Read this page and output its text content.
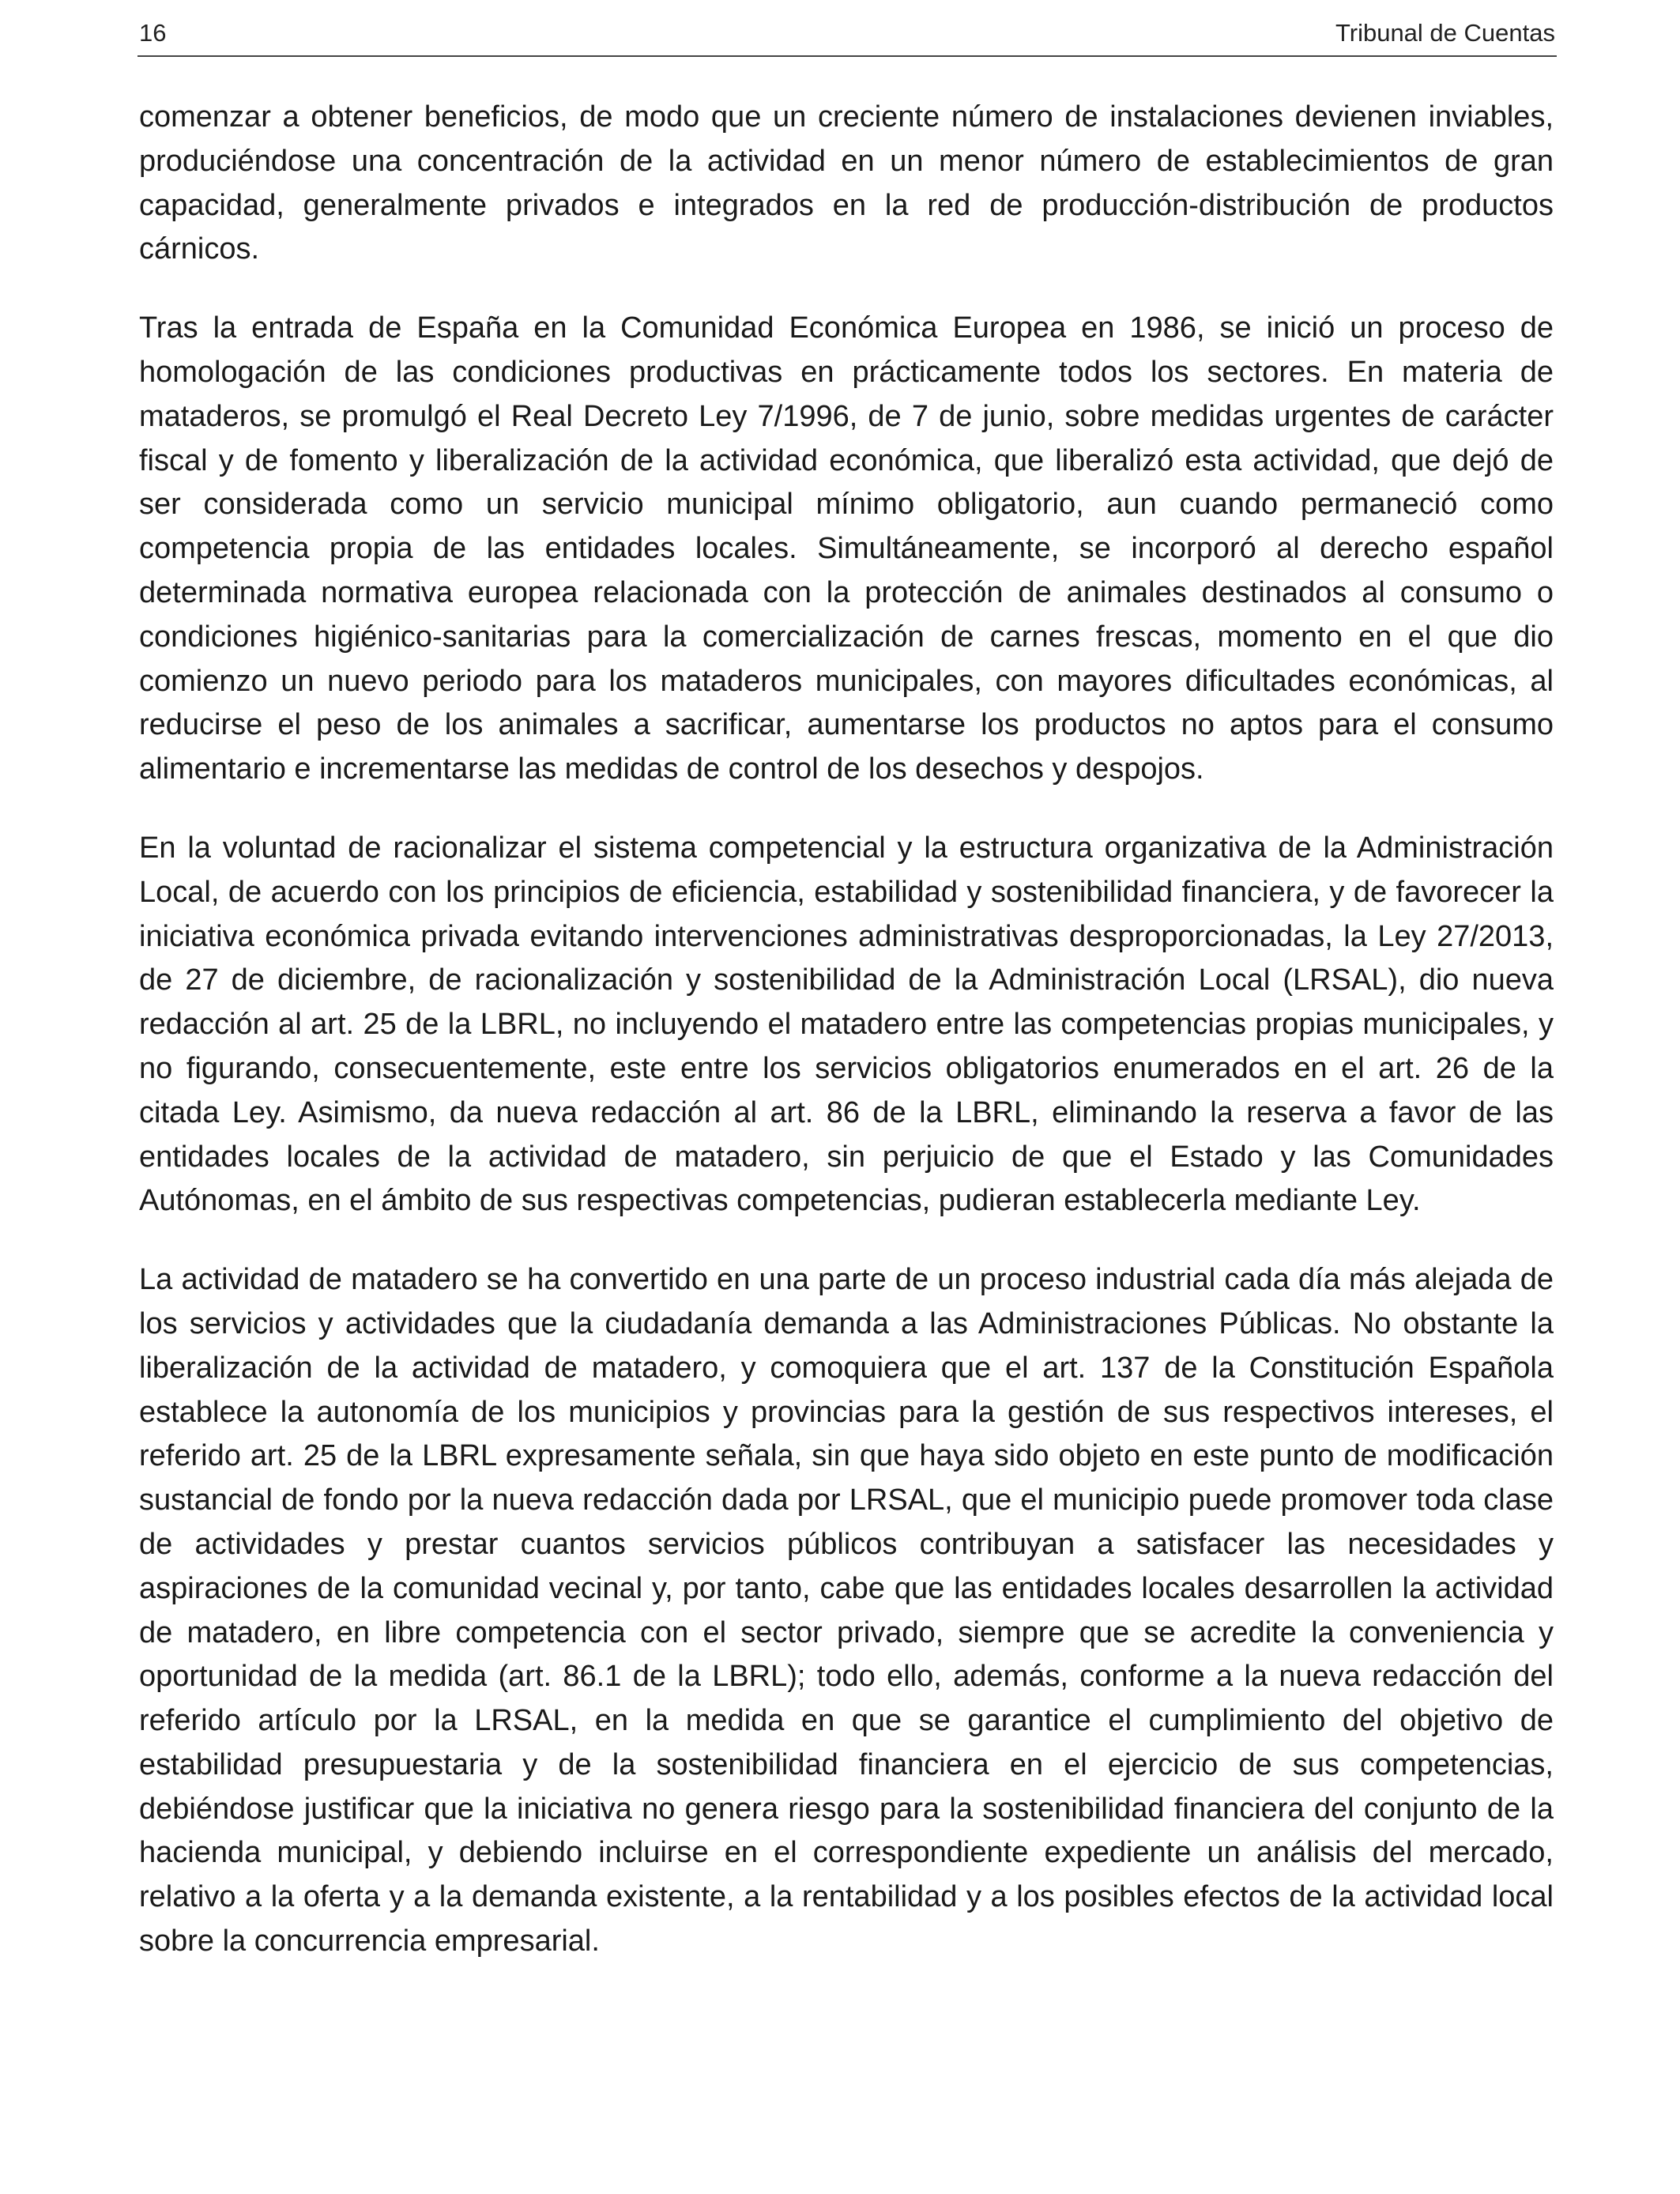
16	Tribunal de Cuentas

comenzar a obtener beneficios, de modo que un creciente número de instalaciones devienen inviables, produciéndose una concentración de la actividad en un menor número de establecimientos de gran capacidad, generalmente privados e integrados en la red de producción-distribución de productos cárnicos.

Tras la entrada de España en la Comunidad Económica Europea en 1986, se inició un proceso de homologación de las condiciones productivas en prácticamente todos los sectores. En materia de mataderos, se promulgó el Real Decreto Ley 7/1996, de 7 de junio, sobre medidas urgentes de carácter fiscal y de fomento y liberalización de la actividad económica, que liberalizó esta actividad, que dejó de ser considerada como un servicio municipal mínimo obligatorio, aun cuando permaneció como competencia propia de las entidades locales. Simultáneamente, se incorporó al derecho español determinada normativa europea relacionada con la protección de animales destinados al consumo o condiciones higiénico-sanitarias para la comercialización de carnes frescas, momento en el que dio comienzo un nuevo periodo para los mataderos municipales, con mayores dificultades económicas, al reducirse el peso de los animales a sacrificar, aumentarse los productos no aptos para el consumo alimentario e incrementarse las medidas de control de los desechos y despojos.

En la voluntad de racionalizar el sistema competencial y la estructura organizativa de la Administración Local, de acuerdo con los principios de eficiencia, estabilidad y sostenibilidad financiera, y de favorecer la iniciativa económica privada evitando intervenciones administrativas desproporcionadas, la Ley 27/2013, de 27 de diciembre, de racionalización y sostenibilidad de la Administración Local (LRSAL), dio nueva redacción al art. 25 de la LBRL, no incluyendo el matadero entre las competencias propias municipales, y no figurando, consecuentemente, este entre los servicios obligatorios enumerados en el art. 26 de la citada Ley. Asimismo, da nueva redacción al art. 86 de la LBRL, eliminando la reserva a favor de las entidades locales de la actividad de matadero, sin perjuicio de que el Estado y las Comunidades Autónomas, en el ámbito de sus respectivas competencias, pudieran establecerla mediante Ley.

La actividad de matadero se ha convertido en una parte de un proceso industrial cada día más alejada de los servicios y actividades que la ciudadanía demanda a las Administraciones Públicas. No obstante la liberalización de la actividad de matadero, y comoquiera que el art. 137 de la Constitución Española establece la autonomía de los municipios y provincias para la gestión de sus respectivos intereses, el referido art. 25 de la LBRL expresamente señala, sin que haya sido objeto en este punto de modificación sustancial de fondo por la nueva redacción dada por LRSAL, que el municipio puede promover toda clase de actividades y prestar cuantos servicios públicos contribuyan a satisfacer las necesidades y aspiraciones de la comunidad vecinal y, por tanto, cabe que las entidades locales desarrollen la actividad de matadero, en libre competencia con el sector privado, siempre que se acredite la conveniencia y oportunidad de la medida (art. 86.1 de la LBRL); todo ello, además, conforme a la nueva redacción del referido artículo por la LRSAL, en la medida en que se garantice el cumplimiento del objetivo de estabilidad presupuestaria y de la sostenibilidad financiera en el ejercicio de sus competencias, debiéndose justificar que la iniciativa no genera riesgo para la sostenibilidad financiera del conjunto de la hacienda municipal, y debiendo incluirse en el correspondiente expediente un análisis del mercado, relativo a la oferta y a la demanda existente, a la rentabilidad y a los posibles efectos de la actividad local sobre la concurrencia empresarial.
